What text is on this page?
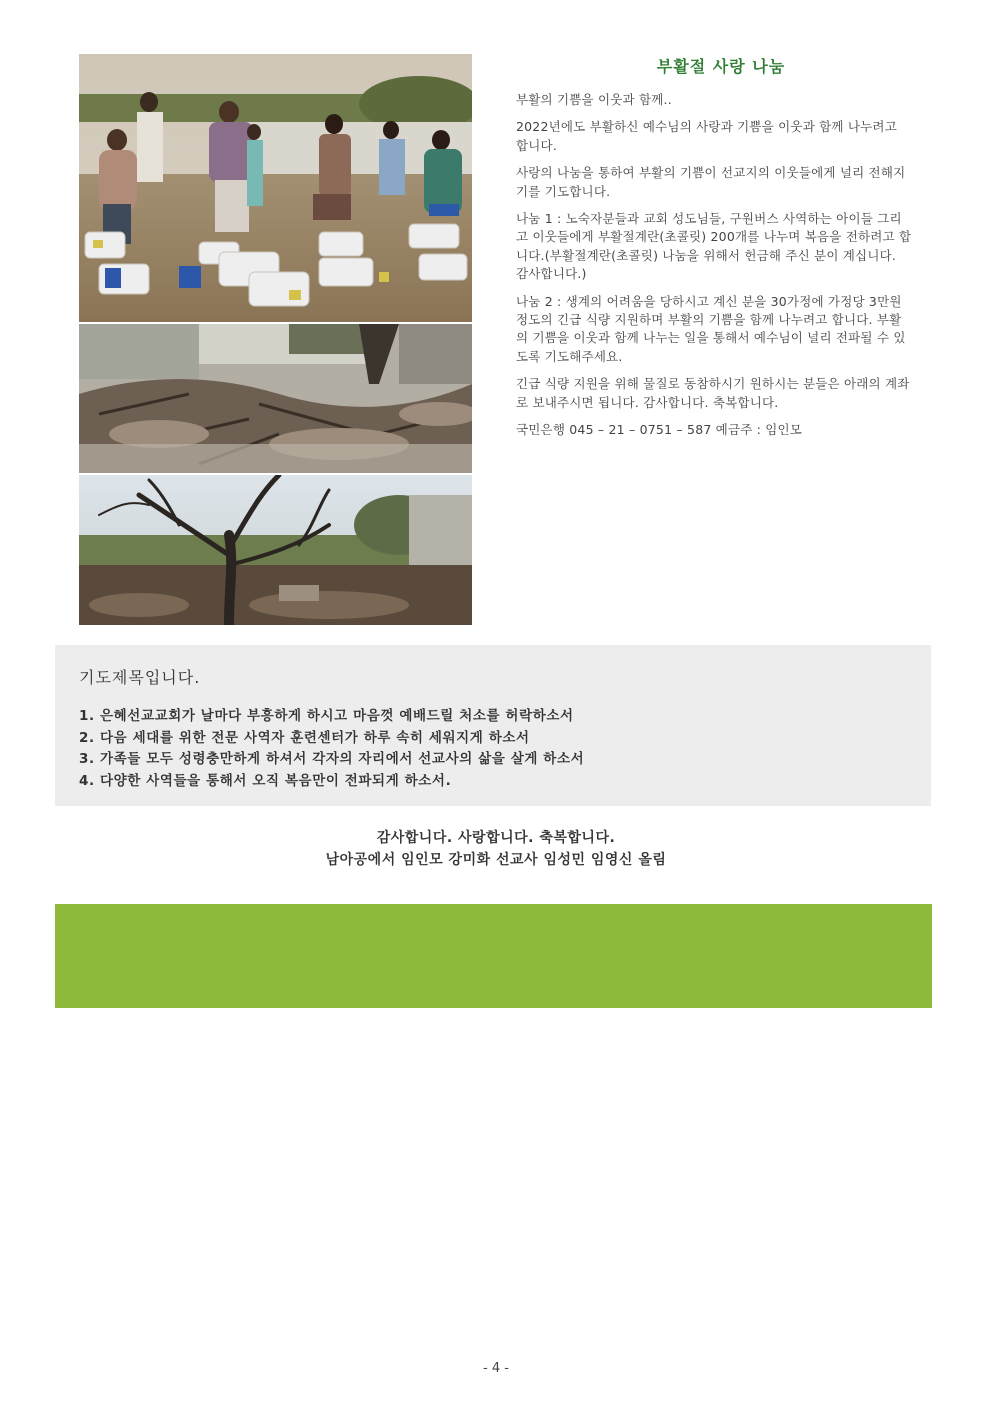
부활절 사랑 나눔

부활의 기쁨을 이웃과 함께..

2022년에도 부활하신 예수님의 사랑과 기쁨을 이웃과 함께 나누려고 합니다.

사랑의 나눔을 통하여 부활의 기쁨이 선교지의 이웃들에게 널리 전해지기를 기도합니다.

나눔 1 : 노숙자분들과 교회 성도님들, 구원버스 사역하는 아이들 그리고 이웃들에게 부활절계란(초콜릿) 200개를 나누며 복음을 전하려고 합니다.(부활절계란(초콜릿) 나눔을 위해서 헌금해 주신 분이 계십니다. 감사합니다.)

나눔 2 : 생계의 어려움을 당하시고 계신 분을 30가정에 가정당 3만원 정도의 긴급 식량 지원하며 부활의 기쁨을 함께 나누려고 합니다. 부활의 기쁨을 이웃과 함께 나누는 일을 통해서 예수님이 널리 전파될 수 있도록 기도해주세요.

긴급 식량 지원을 위해 물질로 동참하시기 원하시는 분들은 아래의 계좌로 보내주시면 됩니다. 감사합니다. 축복합니다.

국민은행 045 – 21 – 0751 – 587 예금주 : 임인모

기도제목입니다.
1. 은혜선교교회가 날마다 부흥하게 하시고 마음껏 예배드릴 처소를 허락하소서
2. 다음 세대를 위한 전문 사역자 훈련센터가 하루 속히 세워지게 하소서
3. 가족들 모두 성령충만하게 하셔서 각자의 자리에서 선교사의 삶을 살게 하소서
4. 다양한 사역들을 통해서 오직 복음만이 전파되게 하소서.
감사합니다. 사랑합니다. 축복합니다.
남아공에서 임인모 강미화 선교사 임성민 임영신 올림
- 4 -
